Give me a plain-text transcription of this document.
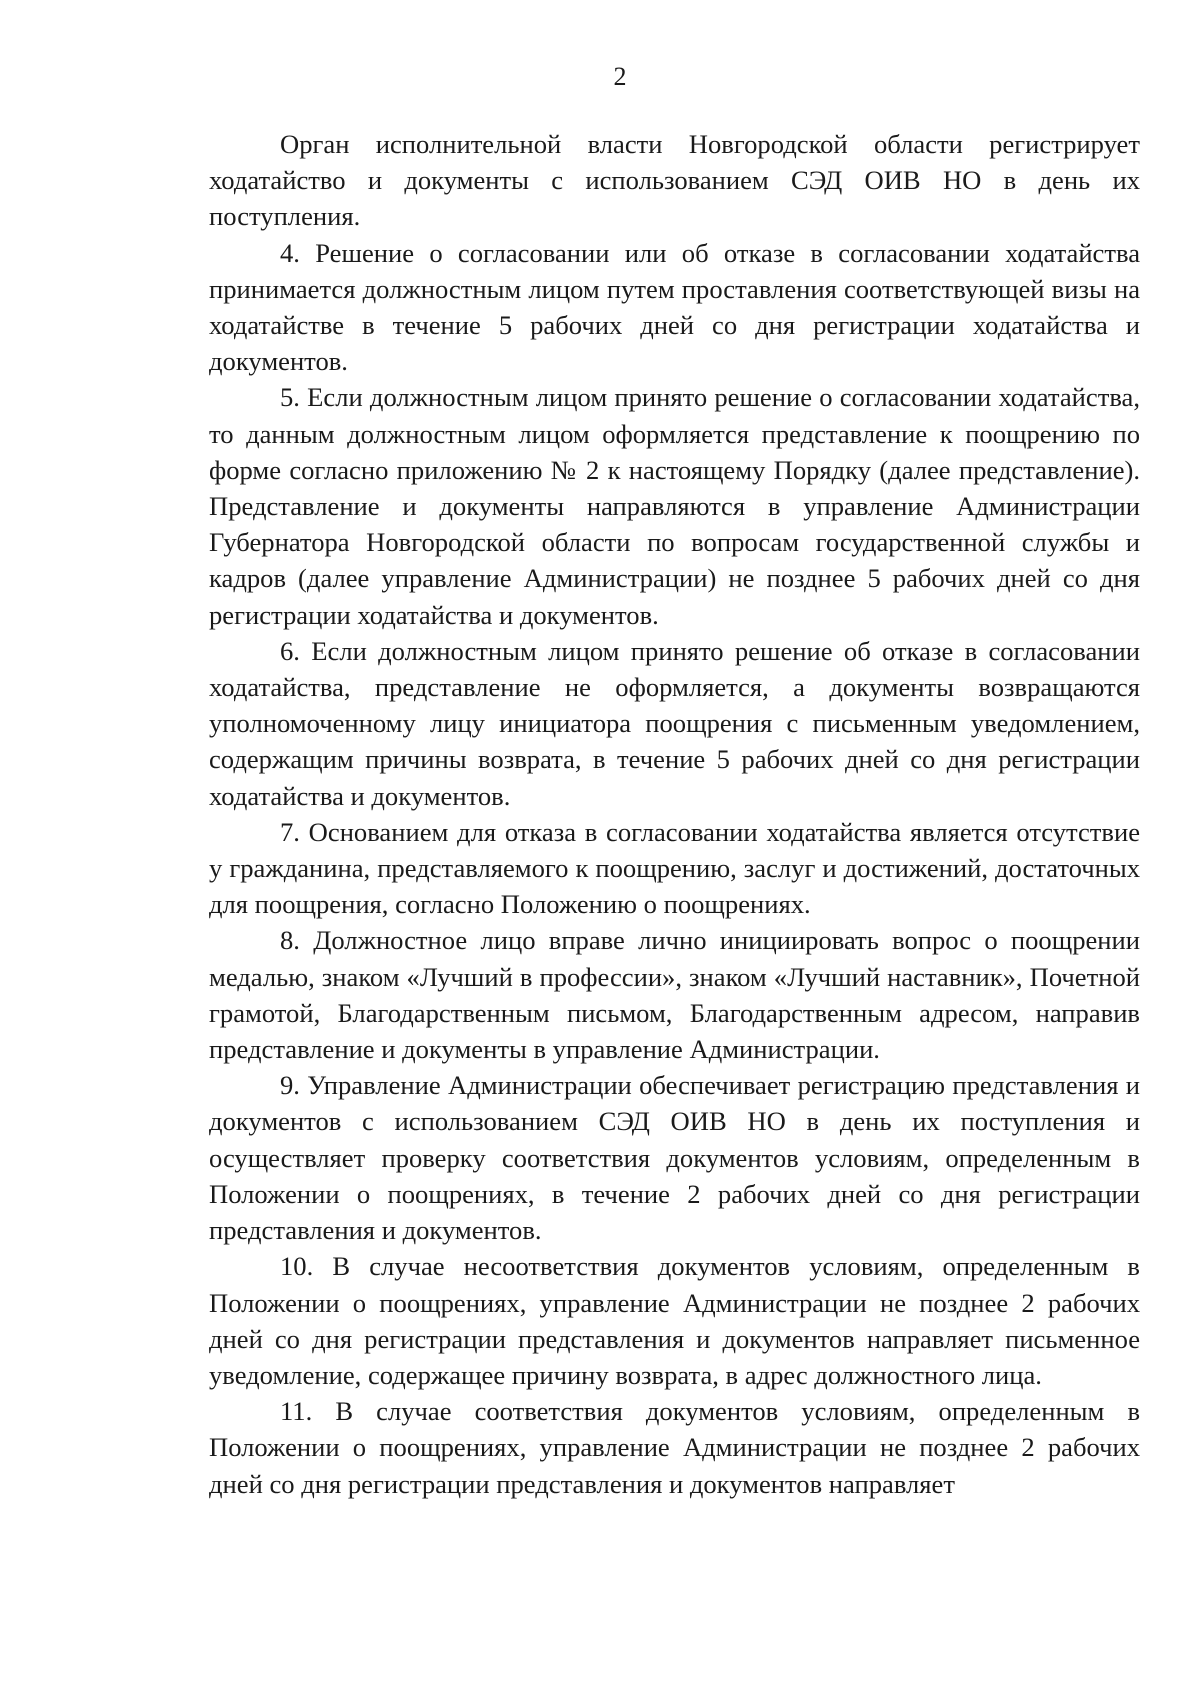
2

Орган исполнительной власти Новгородской области регистрирует ходатайство и документы с использованием СЭД ОИВ НО в день их поступления.

4. Решение о согласовании или об отказе в согласовании ходатайства принимается должностным лицом путем проставления соответствующей визы на ходатайстве в течение 5 рабочих дней со дня регистрации ходатайства и документов.

5. Если должностным лицом принято решение о согласовании ходатайства, то данным должностным лицом оформляется представление к поощрению по форме согласно приложению № 2 к настоящему Порядку (далее представление). Представление и документы направляются в управление Администрации Губернатора Новгородской области по вопросам государственной службы и кадров (далее управление Администрации) не позднее 5 рабочих дней со дня регистрации ходатайства и документов.

6. Если должностным лицом принято решение об отказе в согласовании ходатайства, представление не оформляется, а документы возвращаются уполномоченному лицу инициатора поощрения с письменным уведомлением, содержащим причины возврата, в течение 5 рабочих дней со дня регистрации ходатайства и документов.

7. Основанием для отказа в согласовании ходатайства является отсутствие у гражданина, представляемого к поощрению, заслуг и достижений, достаточных для поощрения, согласно Положению о поощрениях.

8. Должностное лицо вправе лично инициировать вопрос о поощрении медалью, знаком «Лучший в профессии», знаком «Лучший наставник», Почетной грамотой, Благодарственным письмом, Благодарственным адресом, направив представление и документы в управление Администрации.

9. Управление Администрации обеспечивает регистрацию представления и документов с использованием СЭД ОИВ НО в день их поступления и осуществляет проверку соответствия документов условиям, определенным в Положении о поощрениях, в течение 2 рабочих дней со дня регистрации представления и документов.

10. В случае несоответствия документов условиям, определенным в Положении о поощрениях, управление Администрации не позднее 2 рабочих дней со дня регистрации представления и документов направляет письменное уведомление, содержащее причину возврата, в адрес должностного лица.

11. В случае соответствия документов условиям, определенным в Положении о поощрениях, управление Администрации не позднее 2 рабочих дней со дня регистрации представления и документов направляет
